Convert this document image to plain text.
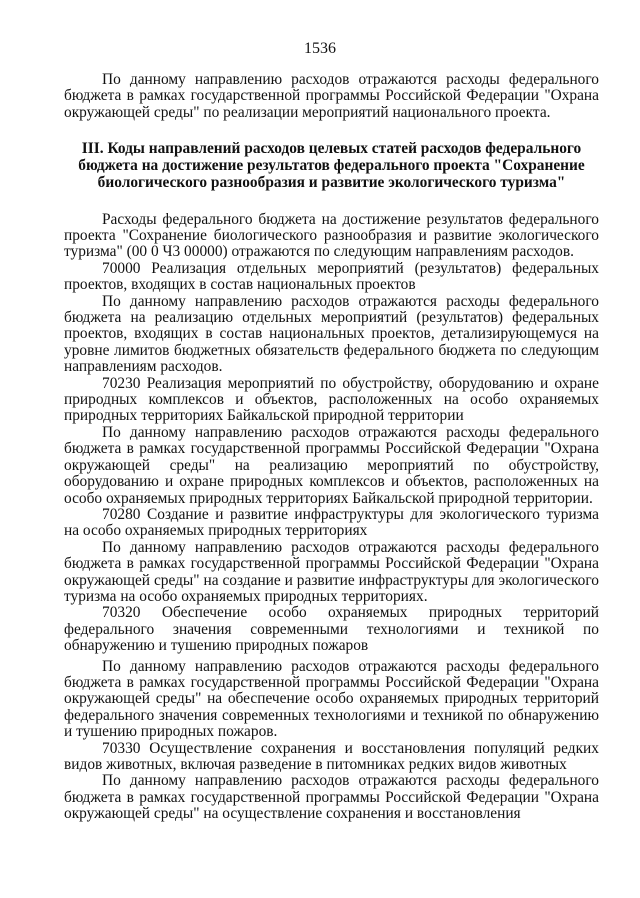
1536

По данному направлению расходов отражаются расходы федерального бюджета в рамках государственной программы Российской Федерации "Охрана окружающей среды" по реализации мероприятий национального проекта.

III. Коды направлений расходов целевых статей расходов федерального
бюджета на достижение результатов федерального проекта "Сохранение
биологического разнообразия и развитие экологического туризма"

Расходы федерального бюджета на достижение результатов федерального проекта "Сохранение биологического разнообразия и развитие экологического туризма" (00 0 Ч3 00000) отражаются по следующим направлениям расходов.

70000 Реализация отдельных мероприятий (результатов) федеральных проектов, входящих в состав национальных проектов

По данному направлению расходов отражаются расходы федерального бюджета на реализацию отдельных мероприятий (результатов) федеральных проектов, входящих в состав национальных проектов, детализирующемуся на уровне лимитов бюджетных обязательств федерального бюджета по следующим направлениям расходов.

70230 Реализация мероприятий по обустройству, оборудованию и охране природных комплексов и объектов, расположенных на особо охраняемых природных территориях Байкальской природной территории

По данному направлению расходов отражаются расходы федерального бюджета в рамках государственной программы Российской Федерации "Охрана окружающей среды" на реализацию мероприятий по обустройству, оборудованию и охране природных комплексов и объектов, расположенных на особо охраняемых природных территориях Байкальской природной территории.

70280 Создание и развитие инфраструктуры для экологического туризма на особо охраняемых природных территориях

По данному направлению расходов отражаются расходы федерального бюджета в рамках государственной программы Российской Федерации "Охрана окружающей среды" на создание и развитие инфраструктуры для экологического туризма на особо охраняемых природных территориях.

70320 Обеспечение особо охраняемых природных территорий федерального значения современными технологиями и техникой по обнаружению и тушению природных пожаров

По данному направлению расходов отражаются расходы федерального бюджета в рамках государственной программы Российской Федерации "Охрана окружающей среды" на обеспечение особо охраняемых природных территорий федерального значения современных технологиями и техникой по обнаружению и тушению природных пожаров.

70330 Осуществление сохранения и восстановления популяций редких видов животных, включая разведение в питомниках редких видов животных

По данному направлению расходов отражаются расходы федерального бюджета в рамках государственной программы Российской Федерации "Охрана окружающей среды" на осуществление сохранения и восстановления
